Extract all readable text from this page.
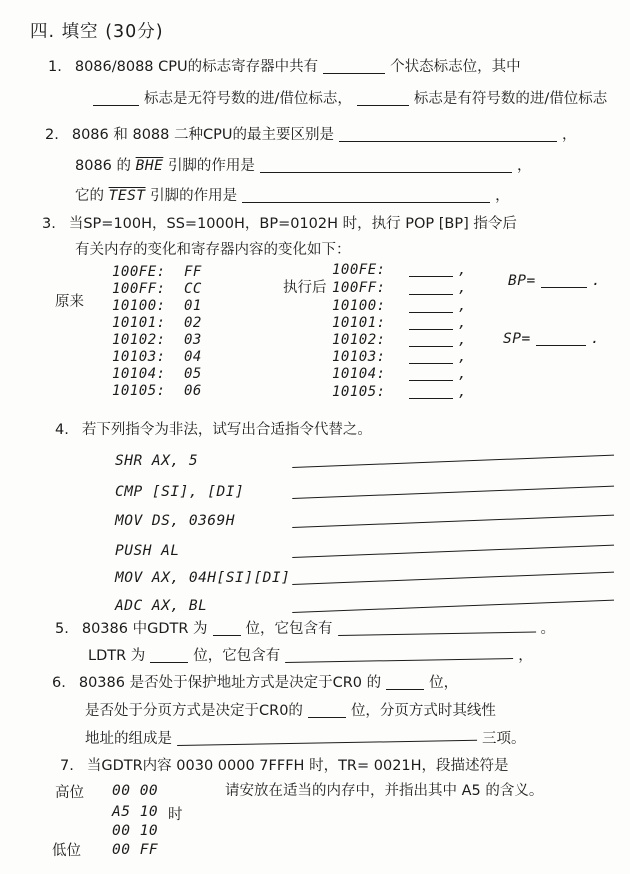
四. 填空 (30分)
1. 8086/8088 CPU的标志寄存器中共有	个状态标志位，其中
标志是无符号数的进/借位标志，	标志是有符号数的进/借位标志
2. 8086 和 8088 二种CPU的最主要区别是	，
8086 的 $\overline{BHE}$ 引脚的作用是	，
它的 TEST 引脚的作用是	，
3. 当SP=100H，SS=1000H，BP=0102H 时，执行 POP [BP] 指令后
有关内存的变化和寄存器内容的变化如下：
原来
执行后
100FE: FF
100FF: CC
10100: 01
10101: 02
10102: 03
10103: 04
10104: 05
10105: 06
100FE:	,
100FF:	,
10100:	,
10101:	,
10102:	,
10103:	,
10104:	,
10105:	,
BP=	.
SP=	.
4. 若下列指令为非法，试写出合适指令代替之。
SHR AX, 5
CMP [SI], [DI]
MOV DS, 0369H
PUSH AL
MOV AX, 04H[SI][DI]
ADC AX, BL
5. 80386 中GDTR 为	位，它包含有	。
LDTR 为	位，它包含有	，
6. 80386 是否处于保护地址方式是决定于CR0 的	位，
是否处于分页方式是决定于CR0的	位，分页方式时其线性
地址的组成是	三项。
7. 当GDTR内容 0030 0000 7FFFH 时，TR= 0021H，段描述符是
请安放在适当的内存中，并指出其中 A5 的含义。
高位 00 00
A5 10 时
00 10
低位 00 FF
